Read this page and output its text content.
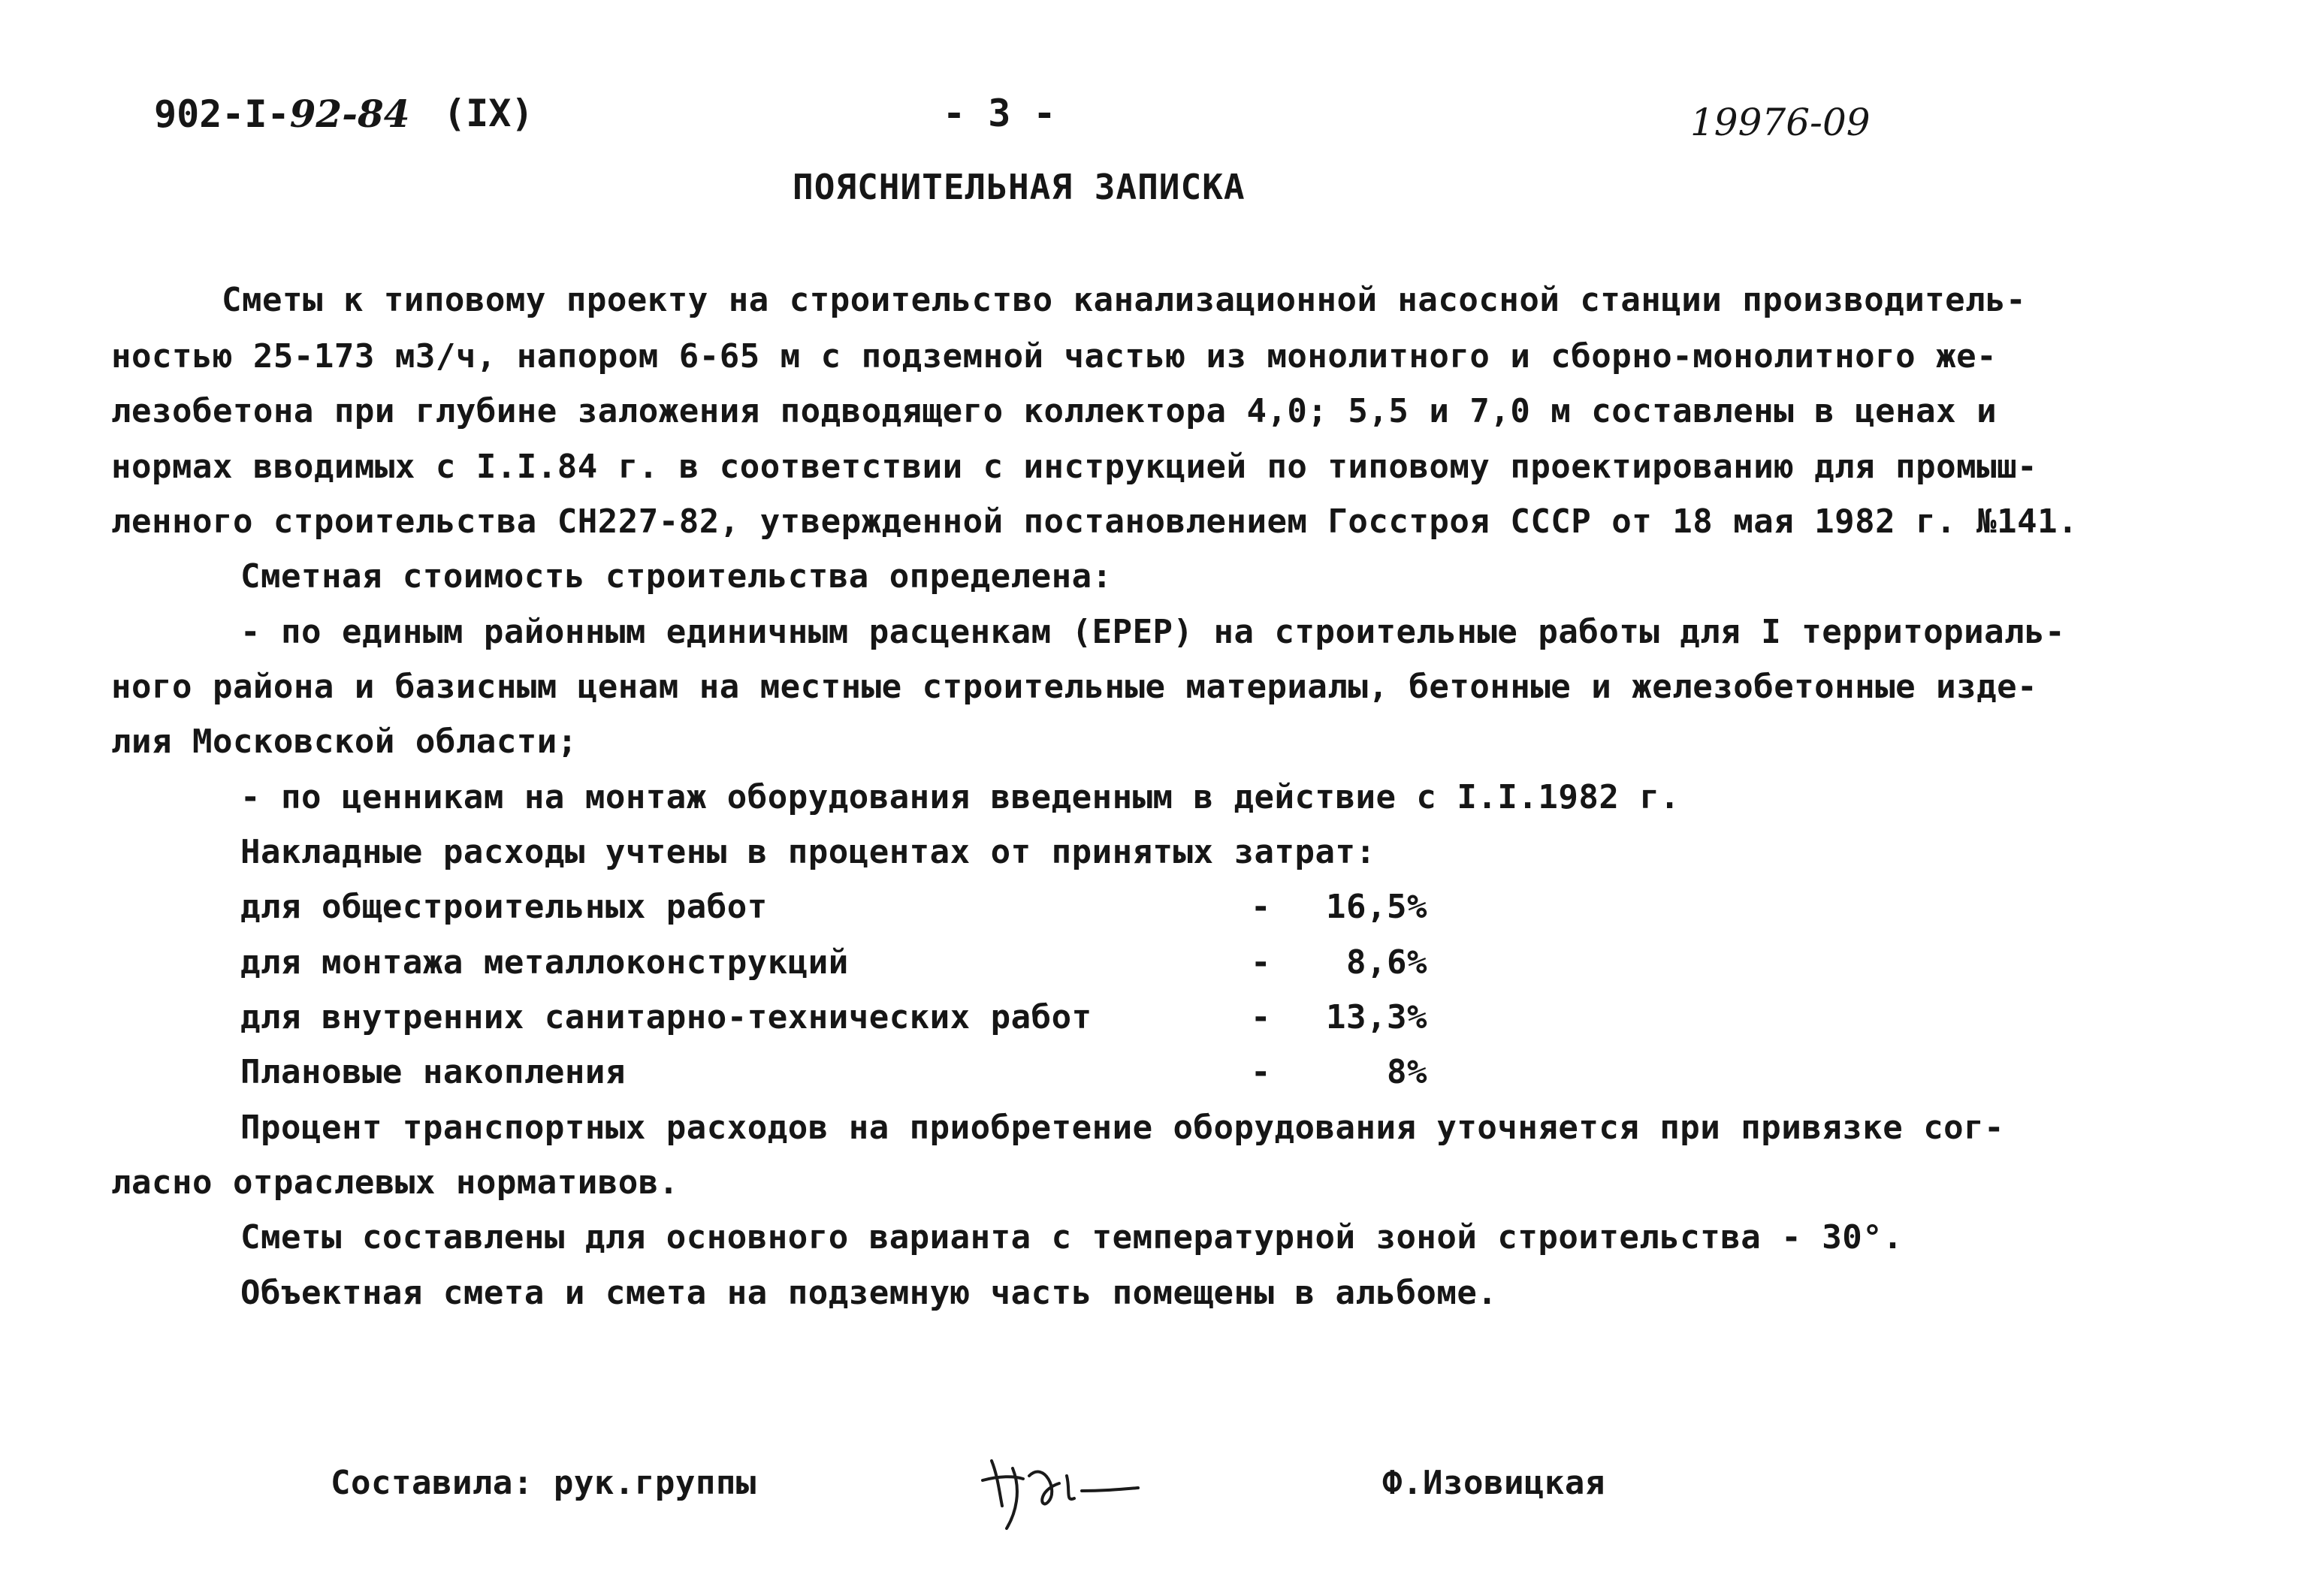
902-I-92-84 (IX)	- 3 -	19976-09
ПОЯСНИТЕЛЬНАЯ ЗАПИСКА
Сметы к типовому проекту на строительство канализационной насосной станции производитель-
ностью 25-173 м3/ч, напором 6-65 м с подземной частью из монолитного и сборно-монолитного же-
лезобетона при глубине заложения подводящего коллектора 4,0; 5,5 и 7,0 м составлены в ценах и
нормах вводимых с I.I.84 г. в соответствии с инструкцией по типовому проектированию для промыш-
ленного строительства СН227-82, утвержденной постановлением Госстроя СССР от 18 мая 1982 г. №141.
Сметная стоимость строительства определена:
- по единым районным единичным расценкам (ЕРЕР) на строительные работы для I территориаль-
ного района и базисным ценам на местные строительные материалы, бетонные и железобетонные изде-
лия Московской области;
- по ценникам на монтаж оборудования введенным в действие с I.I.1982 г.
Накладные расходы учтены в процентах от принятых затрат:
для общестроительных работ	-	16,5%
для монтажа металлоконструкций	-	8,6%
для внутренних санитарно-технических работ	-	13,3%
Плановые накопления	-	8%
Процент транспортных расходов на приобретение оборудования уточняется при привязке сог-
ласно отраслевых нормативов.
Сметы составлены для основного варианта с температурной зоной строительства - 30°.
Объектная смета и смета на подземную часть помещены в альбоме.
Составила: рук.группы	Ф.Изовицкая
